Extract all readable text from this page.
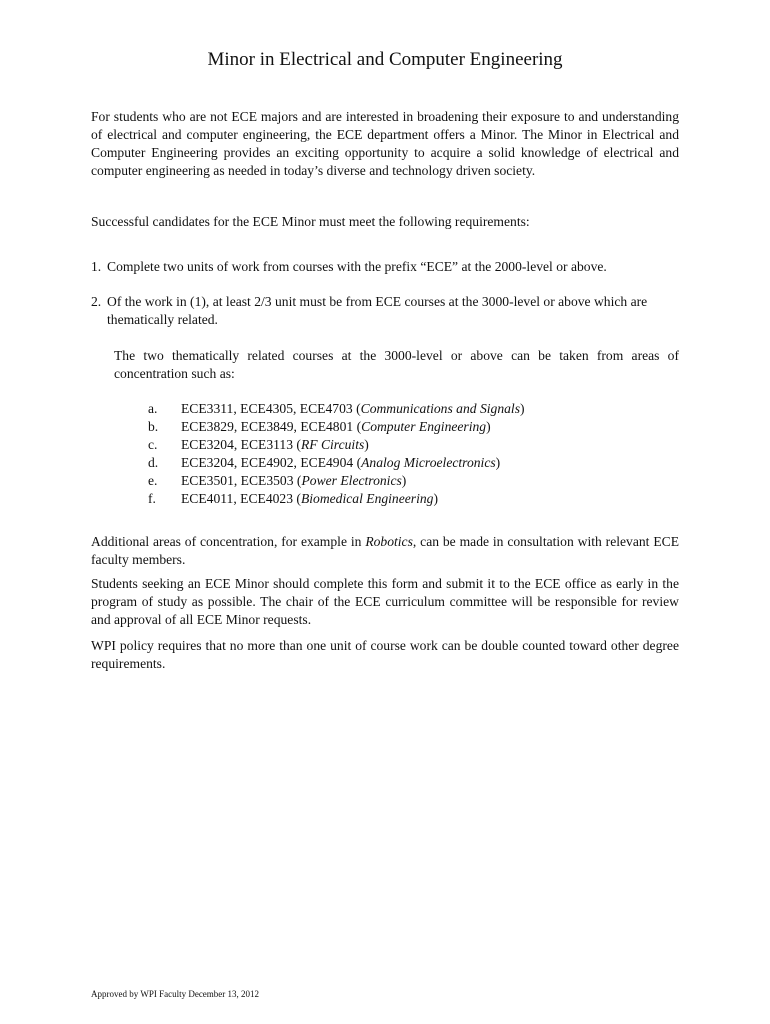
Minor in Electrical and Computer Engineering

For students who are not ECE majors and are interested in broadening their exposure to and understanding of electrical and computer engineering, the ECE department offers a Minor. The Minor in Electrical and Computer Engineering provides an exciting opportunity to acquire a solid knowledge of electrical and computer engineering as needed in today’s diverse and technology driven society.

Successful candidates for the ECE Minor must meet the following requirements:

1. Complete two units of work from courses with the prefix “ECE” at the 2000-level or above.
2. Of the work in (1), at least 2/3 unit must be from ECE courses at the 3000-level or above which are thematically related.

The two thematically related courses at the 3000-level or above can be taken from areas of concentration such as:

a. ECE3311, ECE4305, ECE4703 (Communications and Signals)
b. ECE3829, ECE3849, ECE4801 (Computer Engineering)
c. ECE3204, ECE3113 (RF Circuits)
d. ECE3204, ECE4902, ECE4904 (Analog Microelectronics)
e. ECE3501, ECE3503 (Power Electronics)
f. ECE4011, ECE4023 (Biomedical Engineering)

Additional areas of concentration, for example in Robotics, can be made in consultation with relevant ECE faculty members.

Students seeking an ECE Minor should complete this form and submit it to the ECE office as early in the program of study as possible. The chair of the ECE curriculum committee will be responsible for review and approval of all ECE Minor requests.

WPI policy requires that no more than one unit of course work can be double counted toward other degree requirements.

Approved by WPI Faculty December 13, 2012
